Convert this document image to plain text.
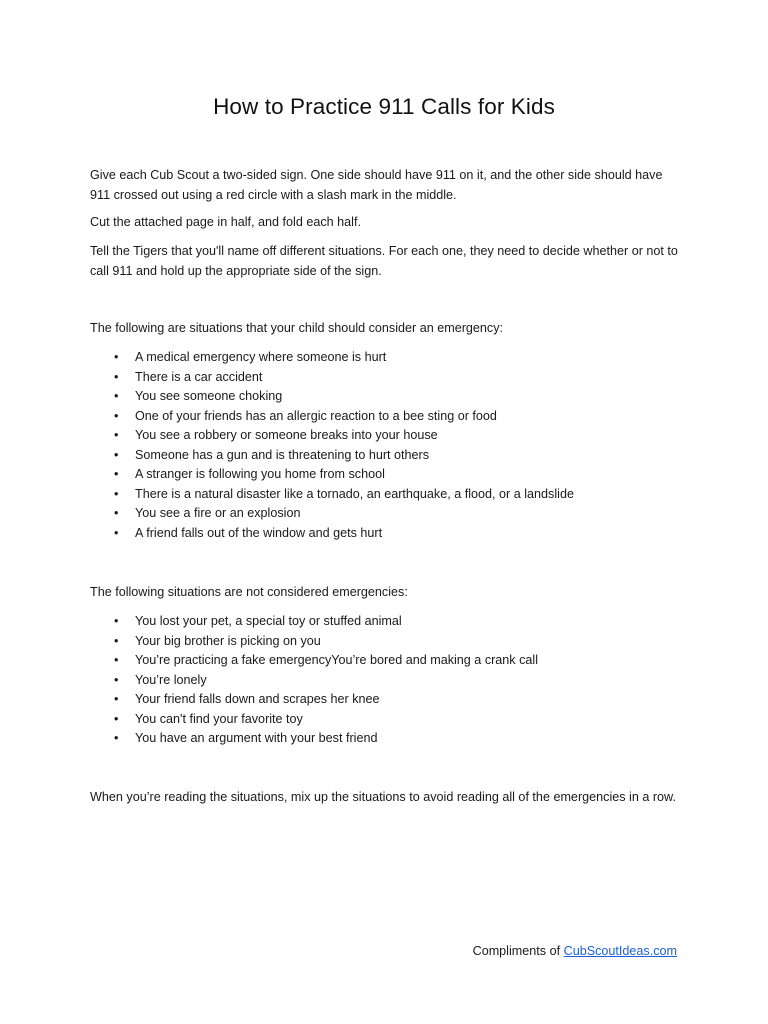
How to Practice 911 Calls for Kids

Give each Cub Scout a two-sided sign. One side should have 911 on it, and the other side should have 911 crossed out using a red circle with a slash mark in the middle.

Cut the attached page in half, and fold each half.

Tell the Tigers that you'll name off different situations. For each one, they need to decide whether or not to call 911 and hold up the appropriate side of the sign.

The following are situations that your child should consider an emergency:

• A medical emergency where someone is hurt
• There is a car accident
• You see someone choking
• One of your friends has an allergic reaction to a bee sting or food
• You see a robbery or someone breaks into your house
• Someone has a gun and is threatening to hurt others
• A stranger is following you home from school
• There is a natural disaster like a tornado, an earthquake, a flood, or a landslide
• You see a fire or an explosion
• A friend falls out of the window and gets hurt

The following situations are not considered emergencies:

• You lost your pet, a special toy or stuffed animal
• Your big brother is picking on you
• You’re practicing a fake emergencyYou’re bored and making a crank call
• You’re lonely
• Your friend falls down and scrapes her knee
• You can't find your favorite toy
• You have an argument with your best friend

When you’re reading the situations, mix up the situations to avoid reading all of the emergencies in a row.

Compliments of CubScoutIdeas.com
